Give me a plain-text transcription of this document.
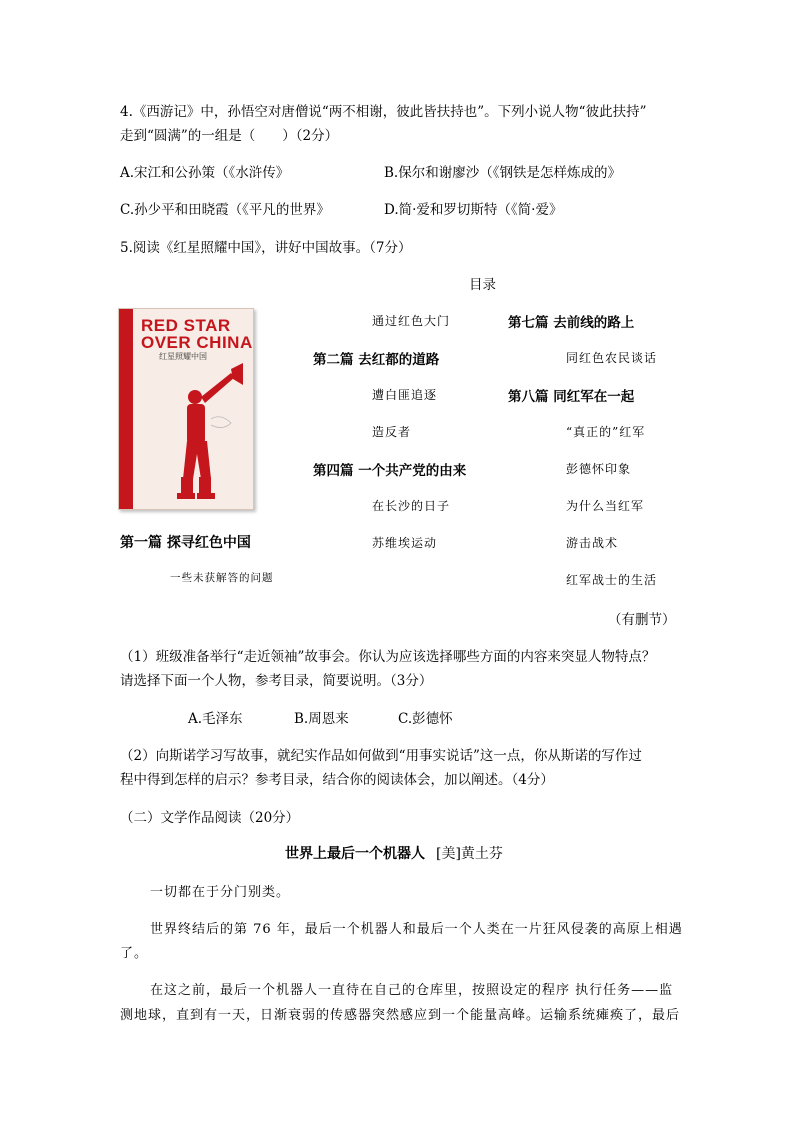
4.《西游记》中，孙悟空对唐僧说“两不相谢，彼此皆扶持也”。下列小说人物“彼此扶持”
走到“圆满”的一组是（　　）（2分）
A.宋江和公孙策（《水浒传》	B.保尔和谢廖沙（《钢铁是怎样炼成的》
C.孙少平和田晓霞（《平凡的世界》	D.简·爱和罗切斯特（《简·爱》
5.阅读《红星照耀中国》，讲好中国故事。（7分）
目录
RED STAR
OVER CHINA
红星照耀中国
第一篇 探寻红色中国
一些未获解答的问题
通过红色大门
第二篇 去红都的道路
遭白匪追逐
造反者
第四篇 一个共产党的由来
在长沙的日子
苏维埃运动
第七篇 去前线的路上
同红色农民谈话
第八篇 同红军在一起
“真正的”红军
彭德怀印象
为什么当红军
游击战术
红军战士的生活
（有删节）
（1）班级准备举行“走近领袖”故事会。你认为应该选择哪些方面的内容来突显人物特点？
请选择下面一个人物，参考目录，简要说明。（3分）
A.毛泽东	B.周恩来	C.彭德怀
（2）向斯诺学习写故事，就纪实作品如何做到“用事实说话”这一点，你从斯诺的写作过
程中得到怎样的启示？参考目录，结合你的阅读体会，加以阐述。（4分）
（二）文学作品阅读（20分）
世界上最后一个机器人 [美]黄土芬
一切都在于分门别类。
世界终结后的第 76 年，最后一个机器人和最后一个人类在一片狂风侵袭的高原上相遇
了。
在这之前，最后一个机器人一直待在自己的仓库里，按照设定的程序 执行任务——监
测地球，直到有一天，日渐衰弱的传感器突然感应到一个能量高峰。运输系统瘫痪了，最后
